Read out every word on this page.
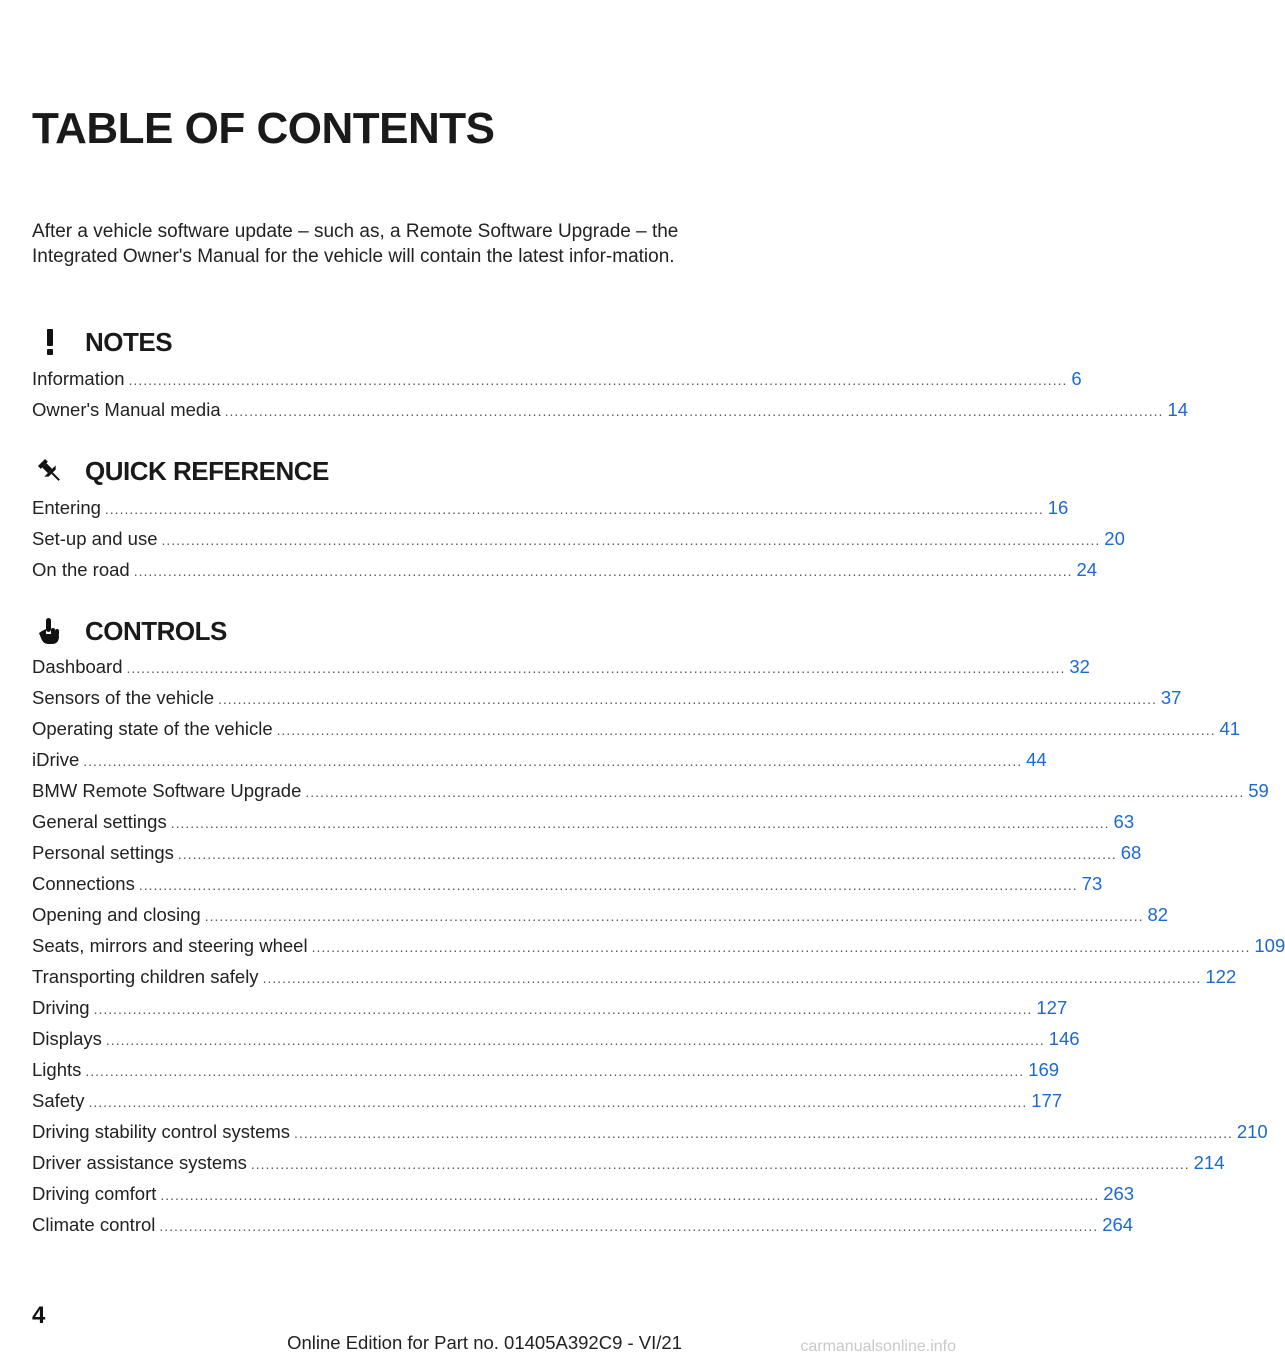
TABLE OF CONTENTS
After a vehicle software update – such as, a Remote Software Upgrade – the Integrated Owner's Manual for the vehicle will contain the latest infor-mation.
NOTES
Information ................................................................................................................................................................................................ 6
Owner's Manual media ................................................................................................................................................................................................ 14
QUICK REFERENCE
Entering ................................................................................................................................................................................................ 16
Set-up and use ................................................................................................................................................................................................ 20
On the road ................................................................................................................................................................................................ 24
CONTROLS
Dashboard ................................................................................................................................................................................................ 32
Sensors of the vehicle ................................................................................................................................................................................................ 37
Operating state of the vehicle ................................................................................................................................................................................................ 41
iDrive ................................................................................................................................................................................................ 44
BMW Remote Software Upgrade ................................................................................................................................................................................................ 59
General settings ................................................................................................................................................................................................ 63
Personal settings ................................................................................................................................................................................................ 68
Connections ................................................................................................................................................................................................ 73
Opening and closing ................................................................................................................................................................................................ 82
Seats, mirrors and steering wheel ................................................................................................................................................................................................ 109
Transporting children safely ................................................................................................................................................................................................ 122
Driving ................................................................................................................................................................................................ 127
Displays ................................................................................................................................................................................................ 146
Lights ................................................................................................................................................................................................ 169
Safety ................................................................................................................................................................................................ 177
Driving stability control systems ................................................................................................................................................................................................ 210
Driver assistance systems ................................................................................................................................................................................................ 214
Driving comfort ................................................................................................................................................................................................ 263
Climate control ................................................................................................................................................................................................ 264
4
Online Edition for Part no. 01405A392C9 - VI/21	carmanualsonline.info
